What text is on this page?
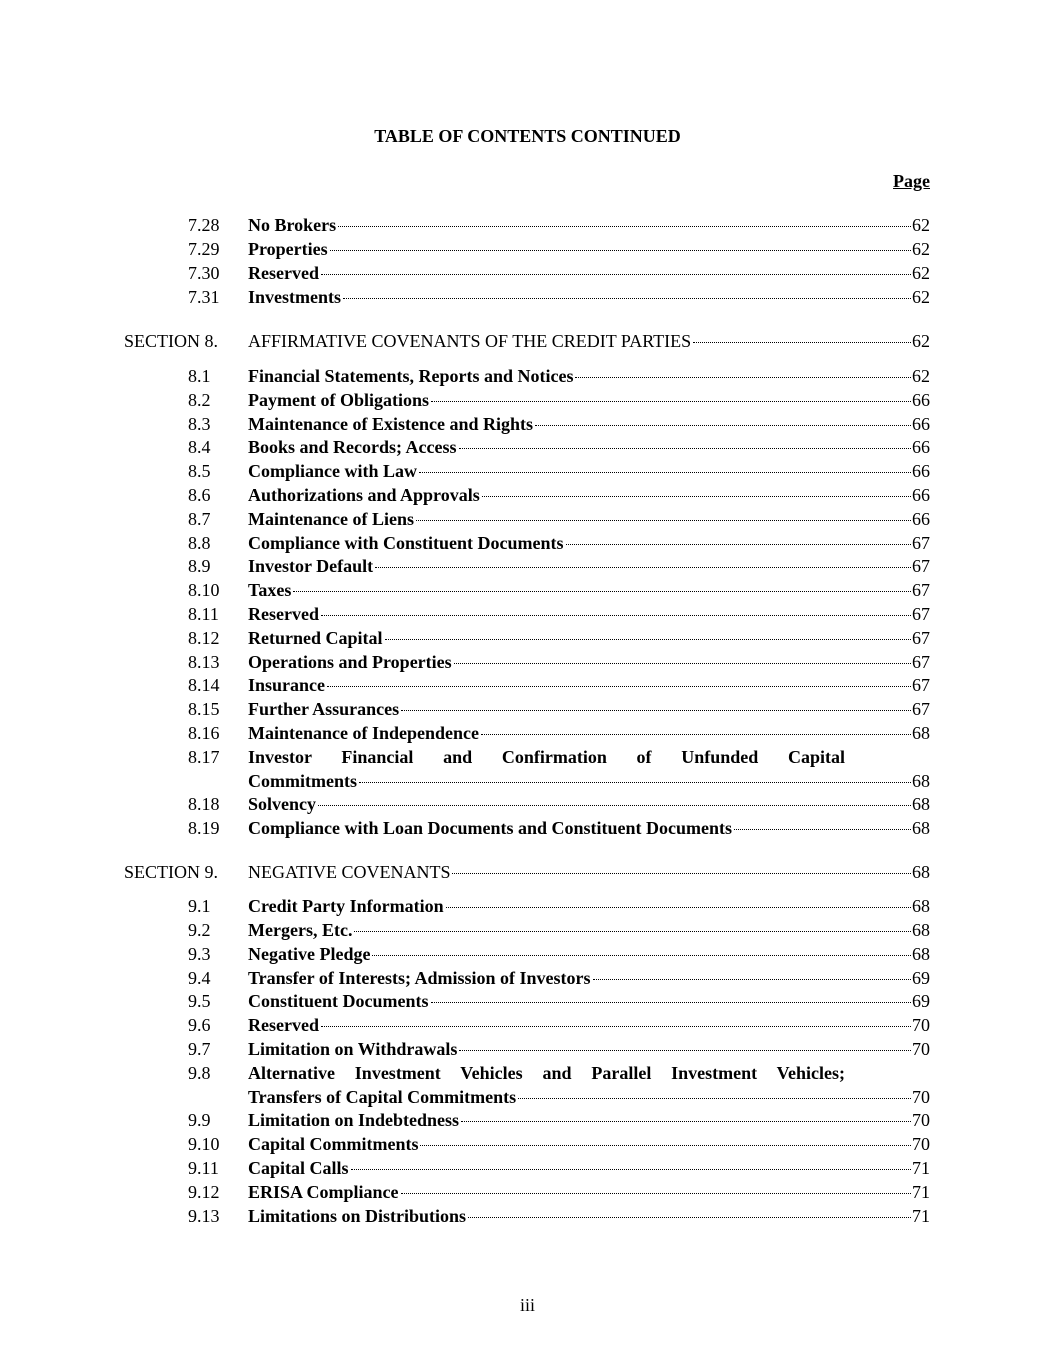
TABLE OF CONTENTS CONTINUED
Page
7.28	No Brokers	62
7.29	Properties	62
7.30	Reserved	62
7.31	Investments	62
SECTION 8.	AFFIRMATIVE COVENANTS OF THE CREDIT PARTIES	62
8.1	Financial Statements, Reports and Notices	62
8.2	Payment of Obligations	66
8.3	Maintenance of Existence and Rights	66
8.4	Books and Records; Access	66
8.5	Compliance with Law	66
8.6	Authorizations and Approvals	66
8.7	Maintenance of Liens	66
8.8	Compliance with Constituent Documents	67
8.9	Investor Default	67
8.10	Taxes	67
8.11	Reserved	67
8.12	Returned Capital	67
8.13	Operations and Properties	67
8.14	Insurance	67
8.15	Further Assurances	67
8.16	Maintenance of Independence	68
8.17	Investor Financial and Confirmation of Unfunded Capital
Commitments	68
8.18	Solvency	68
8.19	Compliance with Loan Documents and Constituent Documents	68
SECTION 9.	NEGATIVE COVENANTS	68
9.1	Credit Party Information	68
9.2	Mergers, Etc.	68
9.3	Negative Pledge	68
9.4	Transfer of Interests; Admission of Investors	69
9.5	Constituent Documents	69
9.6	Reserved	70
9.7	Limitation on Withdrawals	70
9.8	Alternative Investment Vehicles and Parallel Investment Vehicles;
Transfers of Capital Commitments	70
9.9	Limitation on Indebtedness	70
9.10	Capital Commitments	70
9.11	Capital Calls	71
9.12	ERISA Compliance	71
9.13	Limitations on Distributions	71
iii
